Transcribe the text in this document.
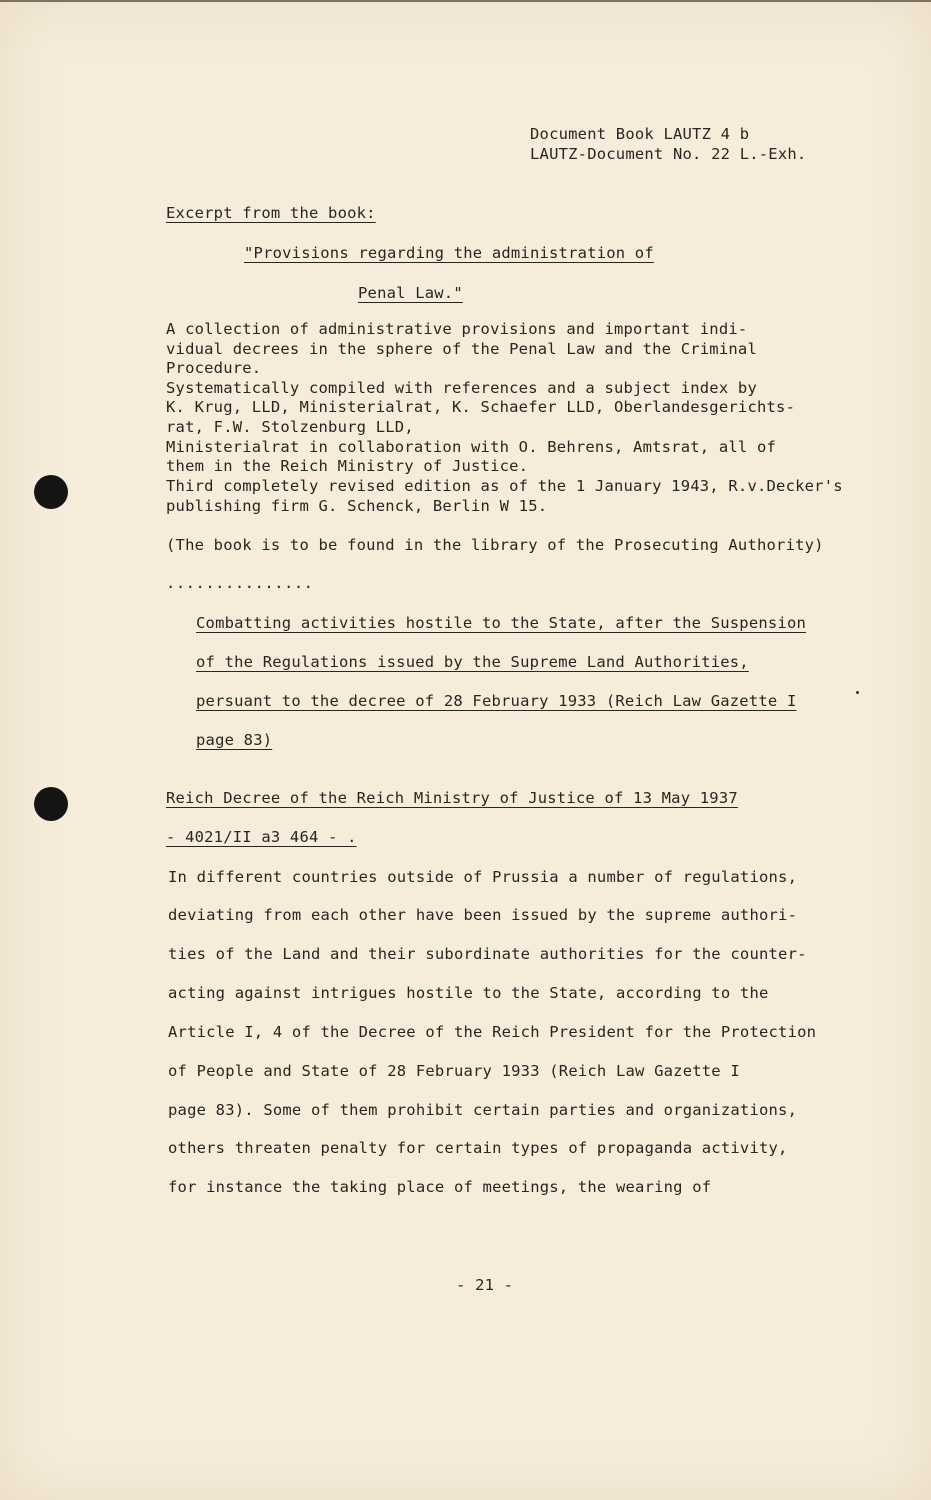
Document Book LAUTZ 4 b
LAUTZ-Document No. 22 L.-Exh.
Excerpt from the book:
"Provisions regarding the administration of
Penal Law."
A collection of administrative provisions and important indi-
vidual decrees in the sphere of the Penal Law and the Criminal
Procedure.
Systematically compiled with references and a subject index by
K. Krug, LLD, Ministerialrat, K. Schaefer LLD, Oberlandesgerichts-
rat, F.W. Stolzenburg LLD,
Ministerialrat in collaboration with O. Behrens, Amtsrat, all of
them in the Reich Ministry of Justice.
Third completely revised edition as of the 1 January 1943, R.v.Decker's
publishing firm G. Schenck, Berlin W 15.
(The book is to be found in the library of the Prosecuting Authority)
...............
Combatting activities hostile to the State, after the Suspension
of the Regulations issued by the Supreme Land Authorities,
persuant to the decree of 28 February 1933 (Reich Law Gazette I
page 83)
Reich Decree of the Reich Ministry of Justice of 13 May 1937
- 4021/II a3 464 - .
In different countries outside of Prussia a number of regulations,
deviating from each other have been issued by the supreme authori-
ties of the Land and their subordinate authorities for the counter-
acting against intrigues hostile to the State, according to the
Article I, 4 of the Decree of the Reich President for the Protection
of People and State of 28 February 1933 (Reich Law Gazette I
page 83). Some of them prohibit certain parties and organizations,
others threaten penalty for certain types of propaganda activity,
for instance the taking place of meetings, the wearing of
- 21 -
